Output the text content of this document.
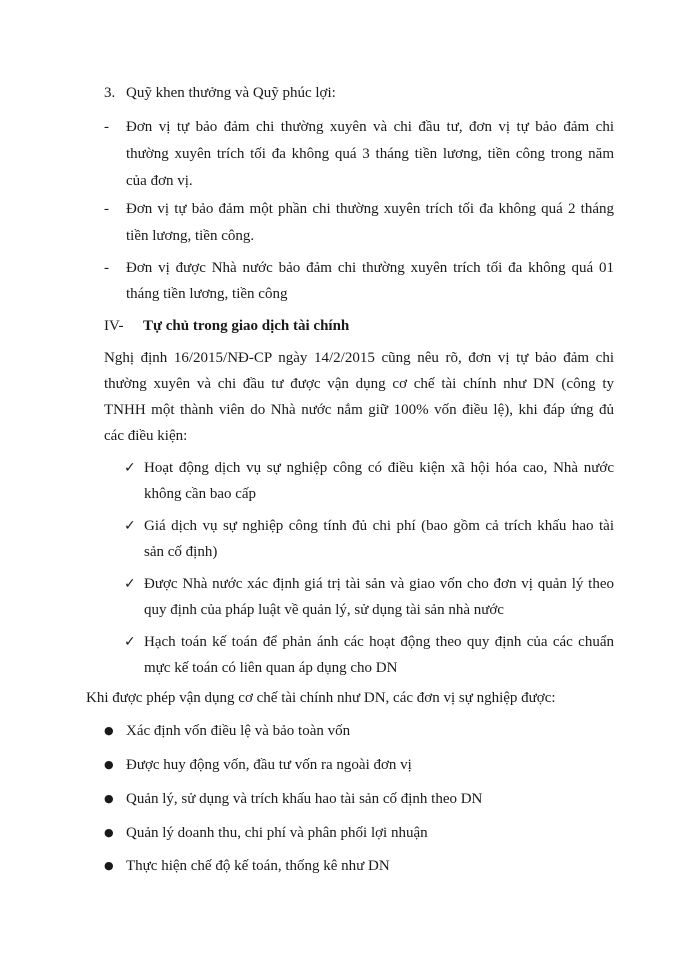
3. Quỹ khen thưởng và Quỹ phúc lợi:
- Đơn vị tự bảo đảm chi thường xuyên và chi đầu tư, đơn vị tự bảo đảm chi
thường xuyên trích tối đa không quá 3 tháng tiền lương, tiền công trong năm
của đơn vị.
- Đơn vị tự bảo đảm một phần chi thường xuyên trích tối đa không quá 2 tháng
tiền lương, tiền công.
- Đơn vị được Nhà nước bảo đảm chi thường xuyên trích tối đa không quá 01
tháng tiền lương, tiền công
IV- Tự chủ trong giao dịch tài chính
Nghị định 16/2015/NĐ-CP ngày 14/2/2015 cũng nêu rõ, đơn vị tự bảo đảm chi
thường xuyên và chi đầu tư được vận dụng cơ chế tài chính như DN (công ty
TNHH một thành viên do Nhà nước nắm giữ 100% vốn điều lệ), khi đáp ứng đủ
các điều kiện:
✓ Hoạt động dịch vụ sự nghiệp công có điều kiện xã hội hóa cao, Nhà nước
không cần bao cấp
✓ Giá dịch vụ sự nghiệp công tính đủ chi phí (bao gồm cả trích khấu hao tài
sản cố định)
✓ Được Nhà nước xác định giá trị tài sản và giao vốn cho đơn vị quản lý theo
quy định của pháp luật về quản lý, sử dụng tài sản nhà nước
✓ Hạch toán kế toán để phản ánh các hoạt động theo quy định của các chuẩn
mực kế toán có liên quan áp dụng cho DN
Khi được phép vận dụng cơ chế tài chính như DN, các đơn vị sự nghiệp được:
● Xác định vốn điều lệ và bảo toàn vốn
● Được huy động vốn, đầu tư vốn ra ngoài đơn vị
● Quản lý, sử dụng và trích khấu hao tài sản cố định theo DN
● Quản lý doanh thu, chi phí và phân phối lợi nhuận
● Thực hiện chế độ kế toán, thống kê như DN
